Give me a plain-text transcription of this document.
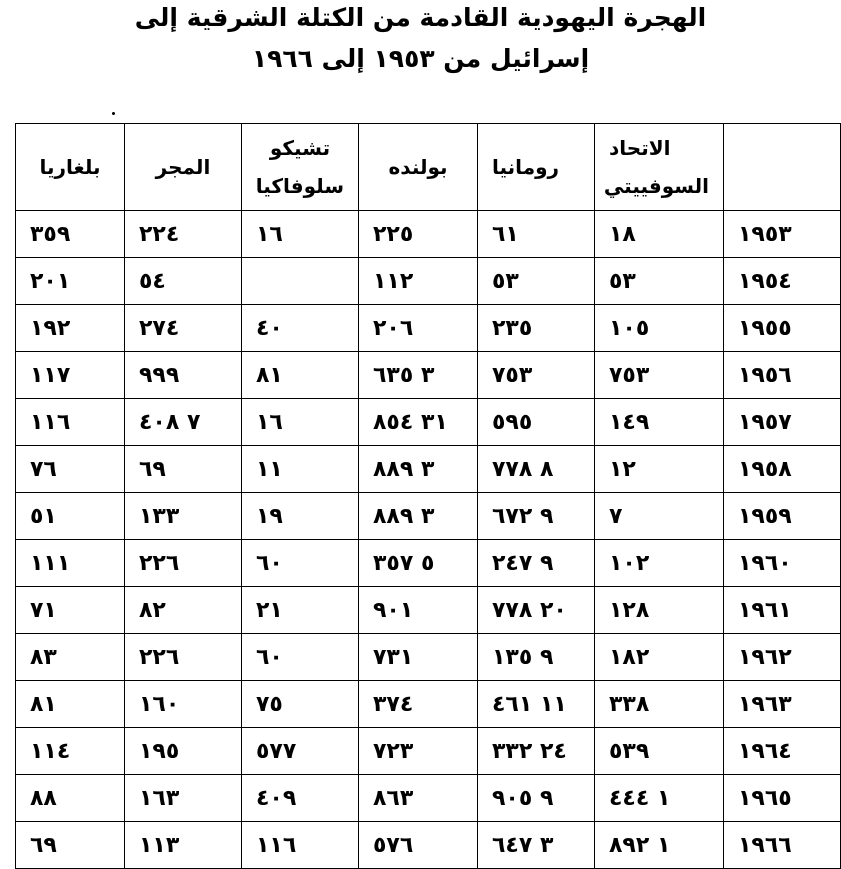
الهجرة اليهودية القادمة من الكتلة الشرقية إلى
إسرائيل من ١٩٥٣ إلى ١٩٦٦
	الاتحاد السوفييتي	رومانيا	بولنده	تشيكو سلوفاكيا	المجر	بلغاريا
١٩٥٣	١٨	٦١	٢٢٥	١٦	٢٢٤	٣٥٩
١٩٥٤	٥٣	٥٣	١١٢		٥٤	٢٠١
١٩٥٥	١٠٥	٢٣٥	٢٠٦	٤٠	٢٧٤	١٩٢
١٩٥٦	٧٥٣	٧٥٣	٣ ٦٣٥	٨١	٩٩٩	١١٧
١٩٥٧	١٤٩	٥٩٥	٣١ ٨٥٤	١٦	٧ ٤٠٨	١١٦
١٩٥٨	١٢	٨ ٧٧٨	٣ ٨٨٩	١١	٦٩	٧٦
١٩٥٩	٧	٩ ٦٧٢	٣ ٨٨٩	١٩	١٣٣	٥١
١٩٦٠	١٠٢	٩ ٢٤٧	٥ ٣٥٧	٦٠	٢٢٦	١١١
١٩٦١	١٢٨	٢٠ ٧٧٨	٩٠١	٢١	٨٢	٧١
١٩٦٢	١٨٢	٩ ١٣٥	٧٣١	٦٠	٢٢٦	٨٣
١٩٦٣	٣٣٨	١١ ٤٦١	٣٧٤	٧٥	١٦٠	٨١
١٩٦٤	٥٣٩	٢٤ ٣٣٢	٧٢٣	٥٧٧	١٩٥	١١٤
١٩٦٥	١ ٤٤٤	٩ ٩٠٥	٨٦٣	٤٠٩	١٦٣	٨٨
١٩٦٦	١ ٨٩٢	٣ ٦٤٧	٥٧٦	١١٦	١١٣	٦٩
